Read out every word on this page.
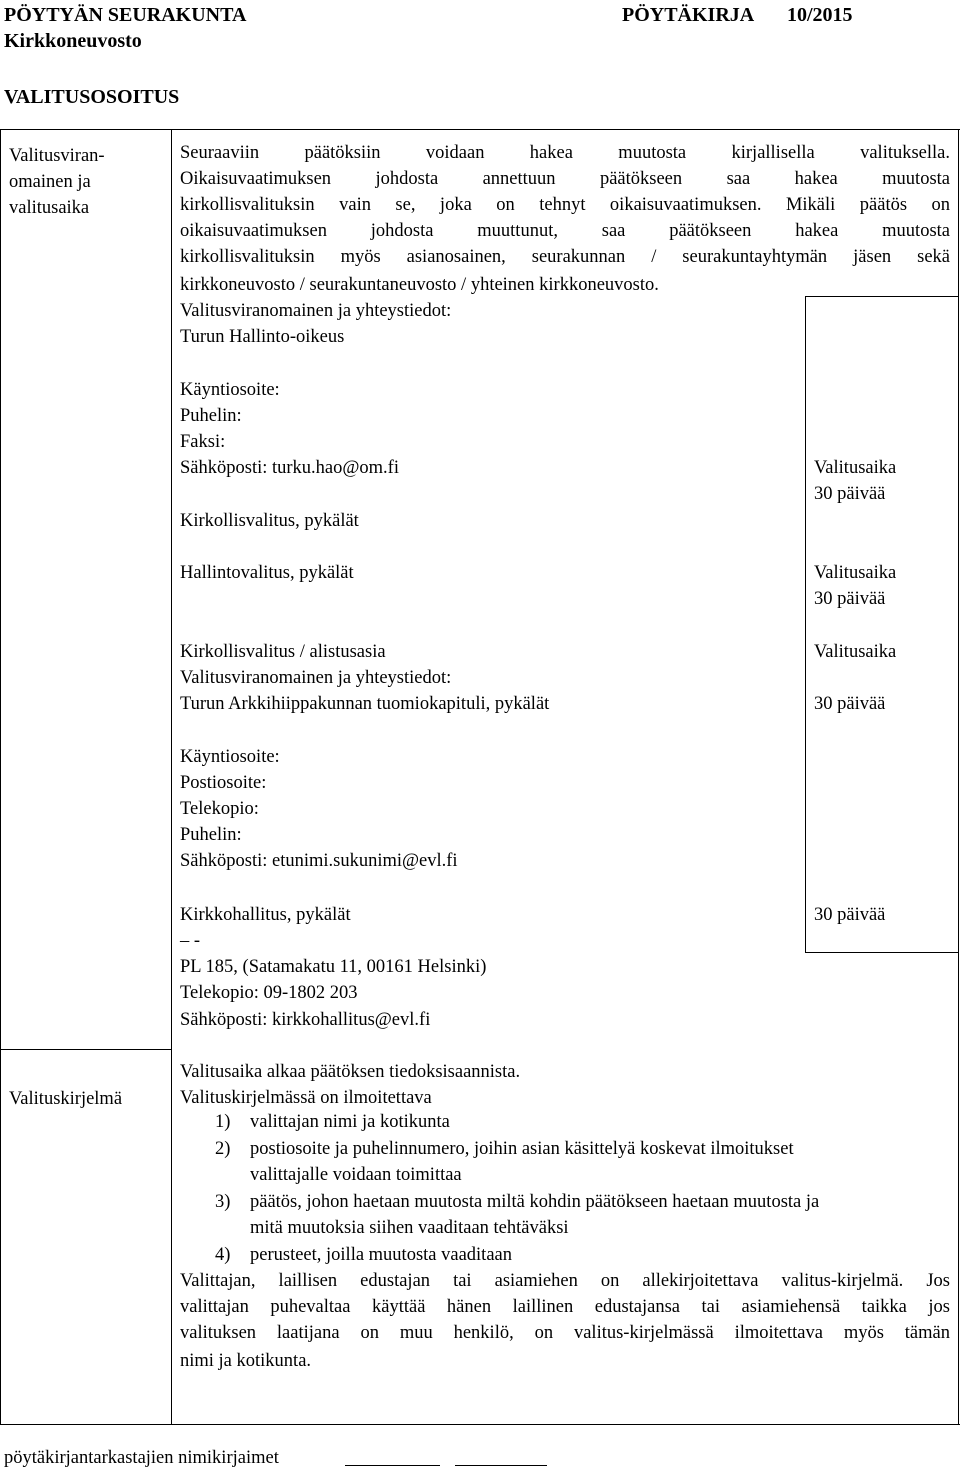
PÖYTYÄN SEURAKUNTA	PÖYTÄKIRJA 10/2015
Kirkkoneuvosto
VALITUSOSOITUS
Valitusviran-
omainen ja
valitusaika
Valituskirjelmä
Seuraaviin päätöksiin voidaan hakea muutosta kirjallisella valituksella.
Oikaisuvaatimuksen johdosta annettuun päätökseen saa hakea muutosta
kirkollisvalituksin vain se, joka on tehnyt oikaisuvaatimuksen. Mikäli päätös on
oikaisuvaatimuksen johdosta muuttunut, saa päätökseen hakea muutosta
kirkollisvalituksin myös asianosainen, seurakunnan / seurakuntayhtymän jäsen sekä
kirkkoneuvosto / seurakuntaneuvosto / yhteinen kirkkoneuvosto.
Valitusviranomainen ja yhteystiedot:
Turun Hallinto-oikeus
Käyntiosoite:
Puhelin:
Faksi:
Sähköposti: turku.hao@om.fi
Kirkollisvalitus, pykälät
Hallintovalitus, pykälät
Kirkollisvalitus / alistusasia
Valitusviranomainen ja yhteystiedot:
Turun Arkkihiippakunnan tuomiokapituli, pykälät
Käyntiosoite:
Postiosoite:
Telekopio:
Puhelin:
Sähköposti: etunimi.sukunimi@evl.fi
Kirkkohallitus, pykälät
– -
PL 185, (Satamakatu 11, 00161 Helsinki)
Telekopio: 09-1802 203
Sähköposti: kirkkohallitus@evl.fi
Valitusaika
30 päivää
Valitusaika
30 päivää
Valitusaika
30 päivää
30 päivää
Valitusaika alkaa päätöksen tiedoksisaannista.
Valituskirjelmässä on ilmoitettava
1) valittajan nimi ja kotikunta
2) postiosoite ja puhelinnumero, joihin asian käsittelyä koskevat ilmoitukset
valittajalle voidaan toimittaa
3) päätös, johon haetaan muutosta miltä kohdin päätökseen haetaan muutosta ja
mitä muutoksia siihen vaaditaan tehtäväksi
4) perusteet, joilla muutosta vaaditaan
Valittajan, laillisen edustajan tai asiamiehen on allekirjoitettava valitus-kirjelmä. Jos
valittajan puhevaltaa käyttää hänen laillinen edustajansa tai asiamiehensä taikka jos
valituksen laatijana on muu henkilö, on valitus-kirjelmässä ilmoitettava myös tämän
nimi ja kotikunta.
pöytäkirjantarkastajien nimikirjaimet
